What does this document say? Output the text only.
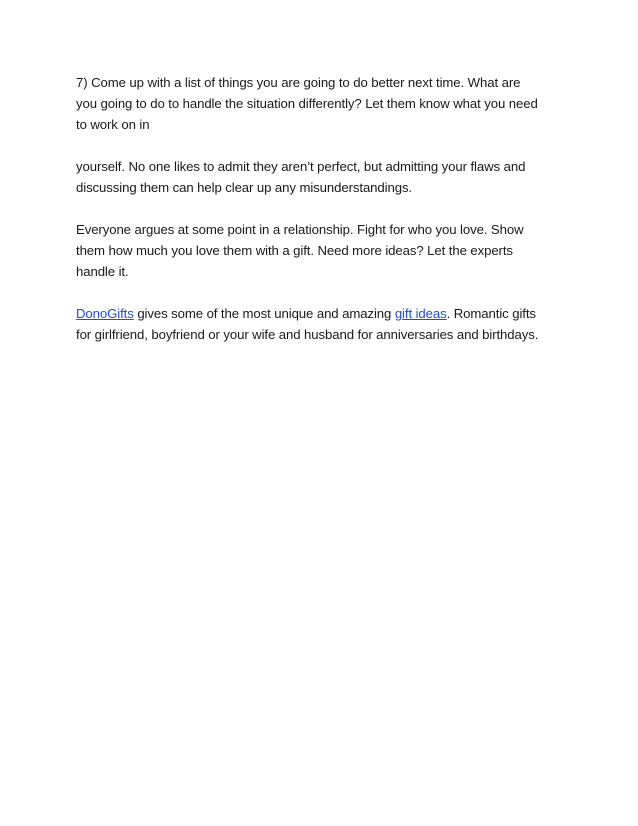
7) Come up with a list of things you are going to do better next time. What are
you going to do to handle the situation differently? Let them know what you need
to work on in

yourself. No one likes to admit they aren’t perfect, but admitting your flaws and
discussing them can help clear up any misunderstandings.

Everyone argues at some point in a relationship. Fight for who you love. Show
them how much you love them with a gift. Need more ideas? Let the experts
handle it.

DonoGifts gives some of the most unique and amazing gift ideas. Romantic gifts
for girlfriend, boyfriend or your wife and husband for anniversaries and birthdays.
